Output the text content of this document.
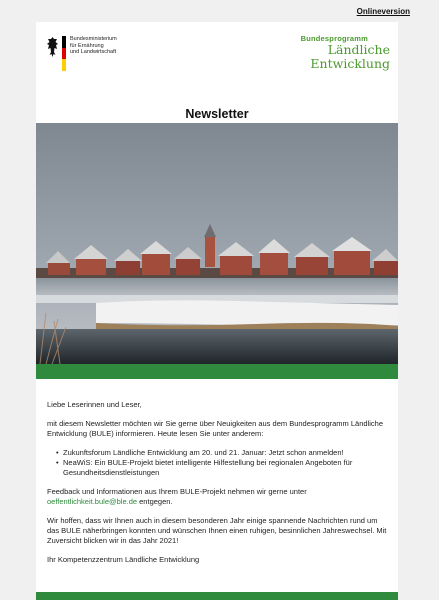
Onlineversion
Bundesministerium
für Ernährung
und Landwirtschaft
Bundesprogramm
Ländliche
Entwicklung
Newsletter

Liebe Leserinnen und Leser,

mit diesem Newsletter möchten wir Sie gerne über Neuigkeiten aus dem Bundesprogramm Ländliche Entwicklung (BULE) informieren. Heute lesen Sie unter anderem:

• Zukunftsforum Ländliche Entwicklung am 20. und 21. Januar: Jetzt schon anmelden!
• NeaWiS: Ein BULE-Projekt bietet intelligente Hilfestellung bei regionalen Angeboten für Gesundheitsdienstleistungen

Feedback und Informationen aus Ihrem BULE-Projekt nehmen wir gerne unter oeffentlichkeit.bule@ble.de entgegen.

Wir hoffen, dass wir Ihnen auch in diesem besonderen Jahr einige spannende Nachrichten rund um das BULE näherbringen konnten und wünschen Ihnen einen ruhigen, besinnlichen Jahreswechsel. Mit Zuversicht blicken wir in das Jahr 2021!

Ihr Kompetenzzentrum Ländliche Entwicklung
